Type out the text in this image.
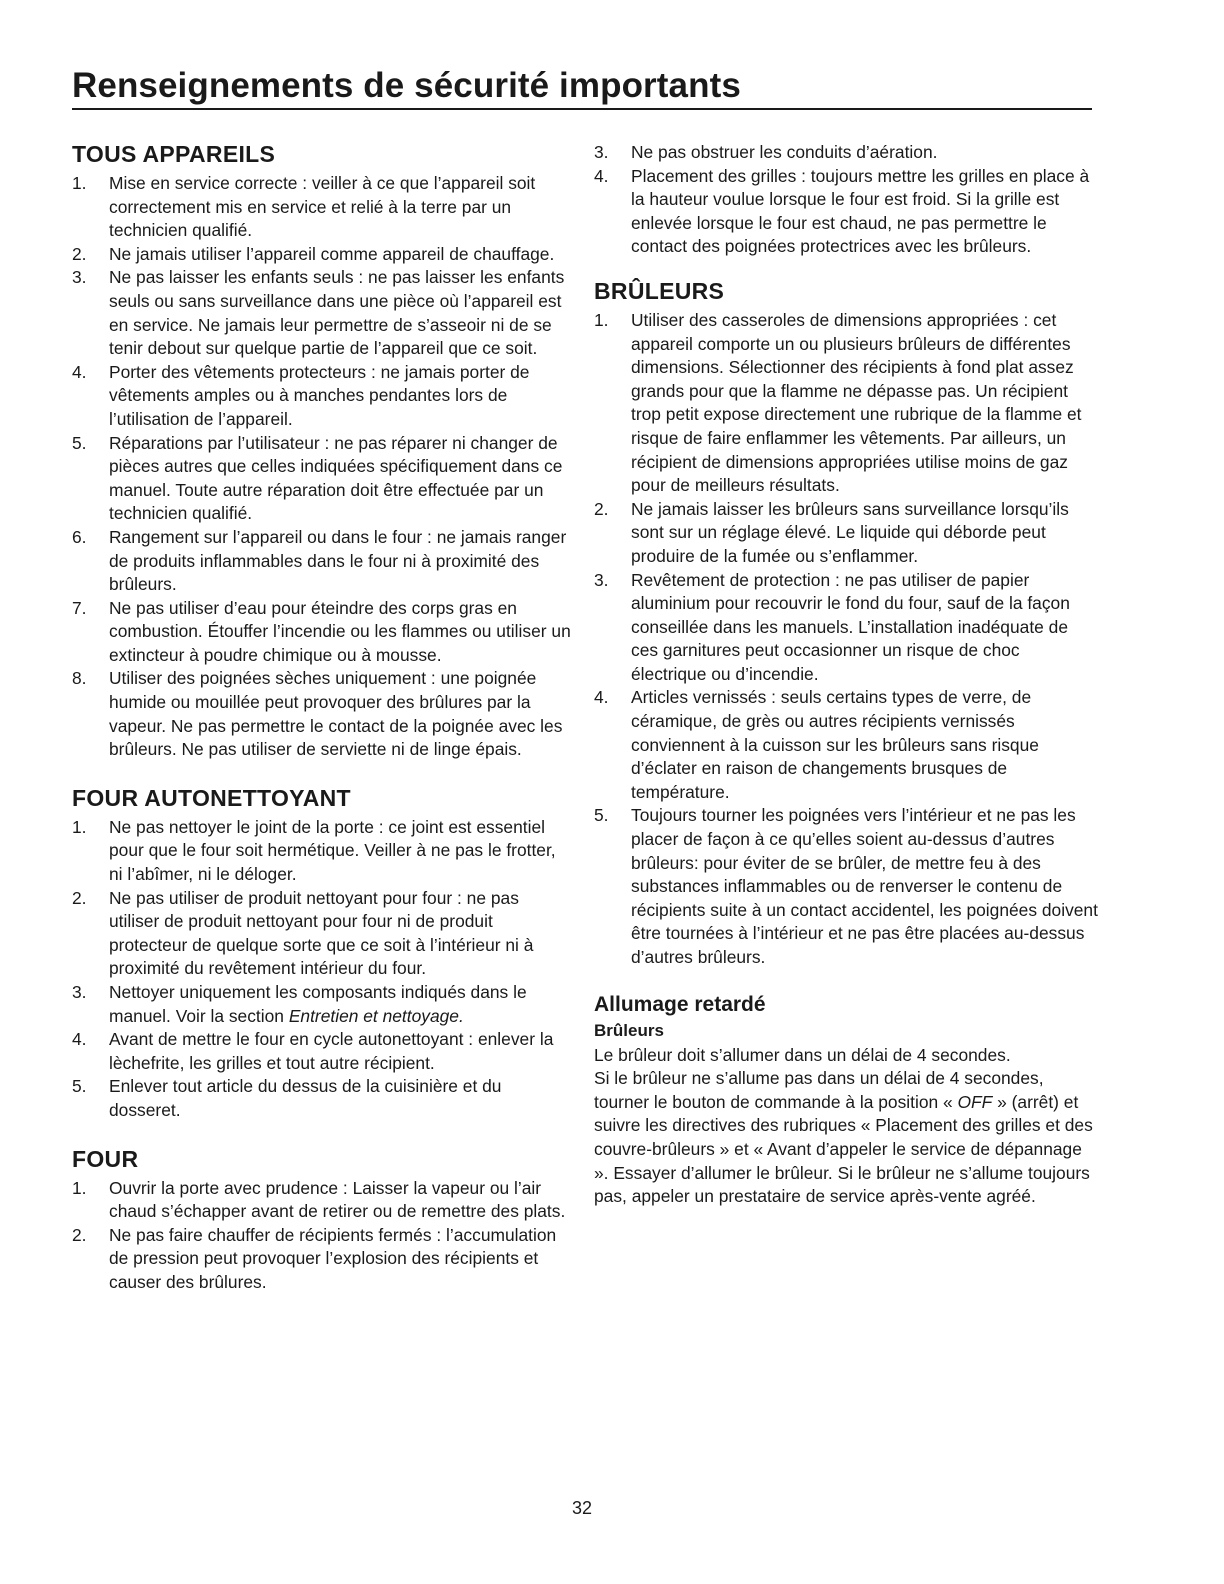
Renseignements de sécurité importants
TOUS APPAREILS
1. Mise en service correcte : veiller à ce que l’appareil soit correctement mis en service et relié à la terre par un technicien qualifié.
2. Ne jamais utiliser l’appareil comme appareil de chauffage.
3. Ne pas laisser les enfants seuls : ne pas laisser les enfants seuls ou sans surveillance dans une pièce où l’appareil est en service. Ne jamais leur permettre de s’asseoir ni de se tenir debout sur quelque partie de l’appareil que ce soit.
4. Porter des vêtements protecteurs : ne jamais porter de vêtements amples ou à manches pendantes lors de l’utilisation de l’appareil.
5. Réparations par l’utilisateur : ne pas réparer ni changer de pièces autres que celles indiquées spécifiquement dans ce manuel. Toute autre réparation doit être effectuée par un technicien qualifié.
6. Rangement sur l’appareil ou dans le four : ne jamais ranger de produits inflammables dans le four ni à proximité des brûleurs.
7. Ne pas utiliser d’eau pour éteindre des corps gras en combustion. Étouffer l’incendie ou les flammes ou utiliser un extincteur à poudre chimique ou à mousse.
8. Utiliser des poignées sèches uniquement : une poignée humide ou mouillée peut provoquer des brûlures par la vapeur. Ne pas permettre le contact de la poignée avec les brûleurs. Ne pas utiliser de serviette ni de linge épais.
FOUR AUTONETTOYANT
1. Ne pas nettoyer le joint de la porte : ce joint est essentiel pour que le four soit hermétique. Veiller à ne pas le frotter, ni l’abîmer, ni le déloger.
2. Ne pas utiliser de produit nettoyant pour four : ne pas utiliser de produit nettoyant pour four ni de produit protecteur de quelque sorte que ce soit à l’intérieur ni à proximité du revêtement intérieur du four.
3. Nettoyer uniquement les composants indiqués dans le manuel. Voir la section Entretien et nettoyage.
4. Avant de mettre le four en cycle autonettoyant : enlever la lèchefrite, les grilles et tout autre récipient.
5. Enlever tout article du dessus de la cuisinière et du dosseret.
FOUR
1. Ouvrir la porte avec prudence : Laisser la vapeur ou l’air chaud s’échapper avant de retirer ou de remettre des plats.
2. Ne pas faire chauffer de récipients fermés : l’accumulation de pression peut provoquer l’explosion des récipients et causer des brûlures.
3. Ne pas obstruer les conduits d’aération.
4. Placement des grilles : toujours mettre les grilles en place à la hauteur voulue lorsque le four est froid. Si la grille est enlevée lorsque le four est chaud, ne pas permettre le contact des poignées protectrices avec les brûleurs.
BRÛLEURS
1. Utiliser des casseroles de dimensions appropriées : cet appareil comporte un ou plusieurs brûleurs de différentes dimensions. Sélectionner des récipients à fond plat assez grands pour que la flamme ne dépasse pas. Un récipient trop petit expose directement une rubrique de la flamme et risque de faire enflammer les vêtements. Par ailleurs, un récipient de dimensions appropriées utilise moins de gaz pour de meilleurs résultats.
2. Ne jamais laisser les brûleurs sans surveillance lorsqu’ils sont sur un réglage élevé. Le liquide qui déborde peut produire de la fumée ou s’enflammer.
3. Revêtement de protection : ne pas utiliser de papier aluminium pour recouvrir le fond du four, sauf de la façon conseillée dans les manuels. L’installation inadéquate de ces garnitures peut occasionner un risque de choc électrique ou d’incendie.
4. Articles vernissés : seuls certains types de verre, de céramique, de grès ou autres récipients vernissés conviennent à la cuisson sur les brûleurs sans risque d’éclater en raison de changements brusques de température.
5. Toujours tourner les poignées vers l’intérieur et ne pas les placer de façon à ce qu’elles soient au-dessus d’autres brûleurs: pour éviter de se brûler, de mettre feu à des substances inflammables ou de renverser le contenu de récipients suite à un contact accidentel, les poignées doivent être tournées à l’intérieur et ne pas être placées au-dessus d’autres brûleurs.
Allumage retardé
Brûleurs
Le brûleur doit s’allumer dans un délai de 4 secondes.
Si le brûleur ne s’allume pas dans un délai de 4 secondes, tourner le bouton de commande à la position « OFF » (arrêt) et suivre les directives des rubriques « Placement des grilles et des couvre-brûleurs » et « Avant d’appeler le service de dépannage ». Essayer d’allumer le brûleur. Si le brûleur ne s’allume toujours pas, appeler un prestataire de service après-vente agréé.
32
